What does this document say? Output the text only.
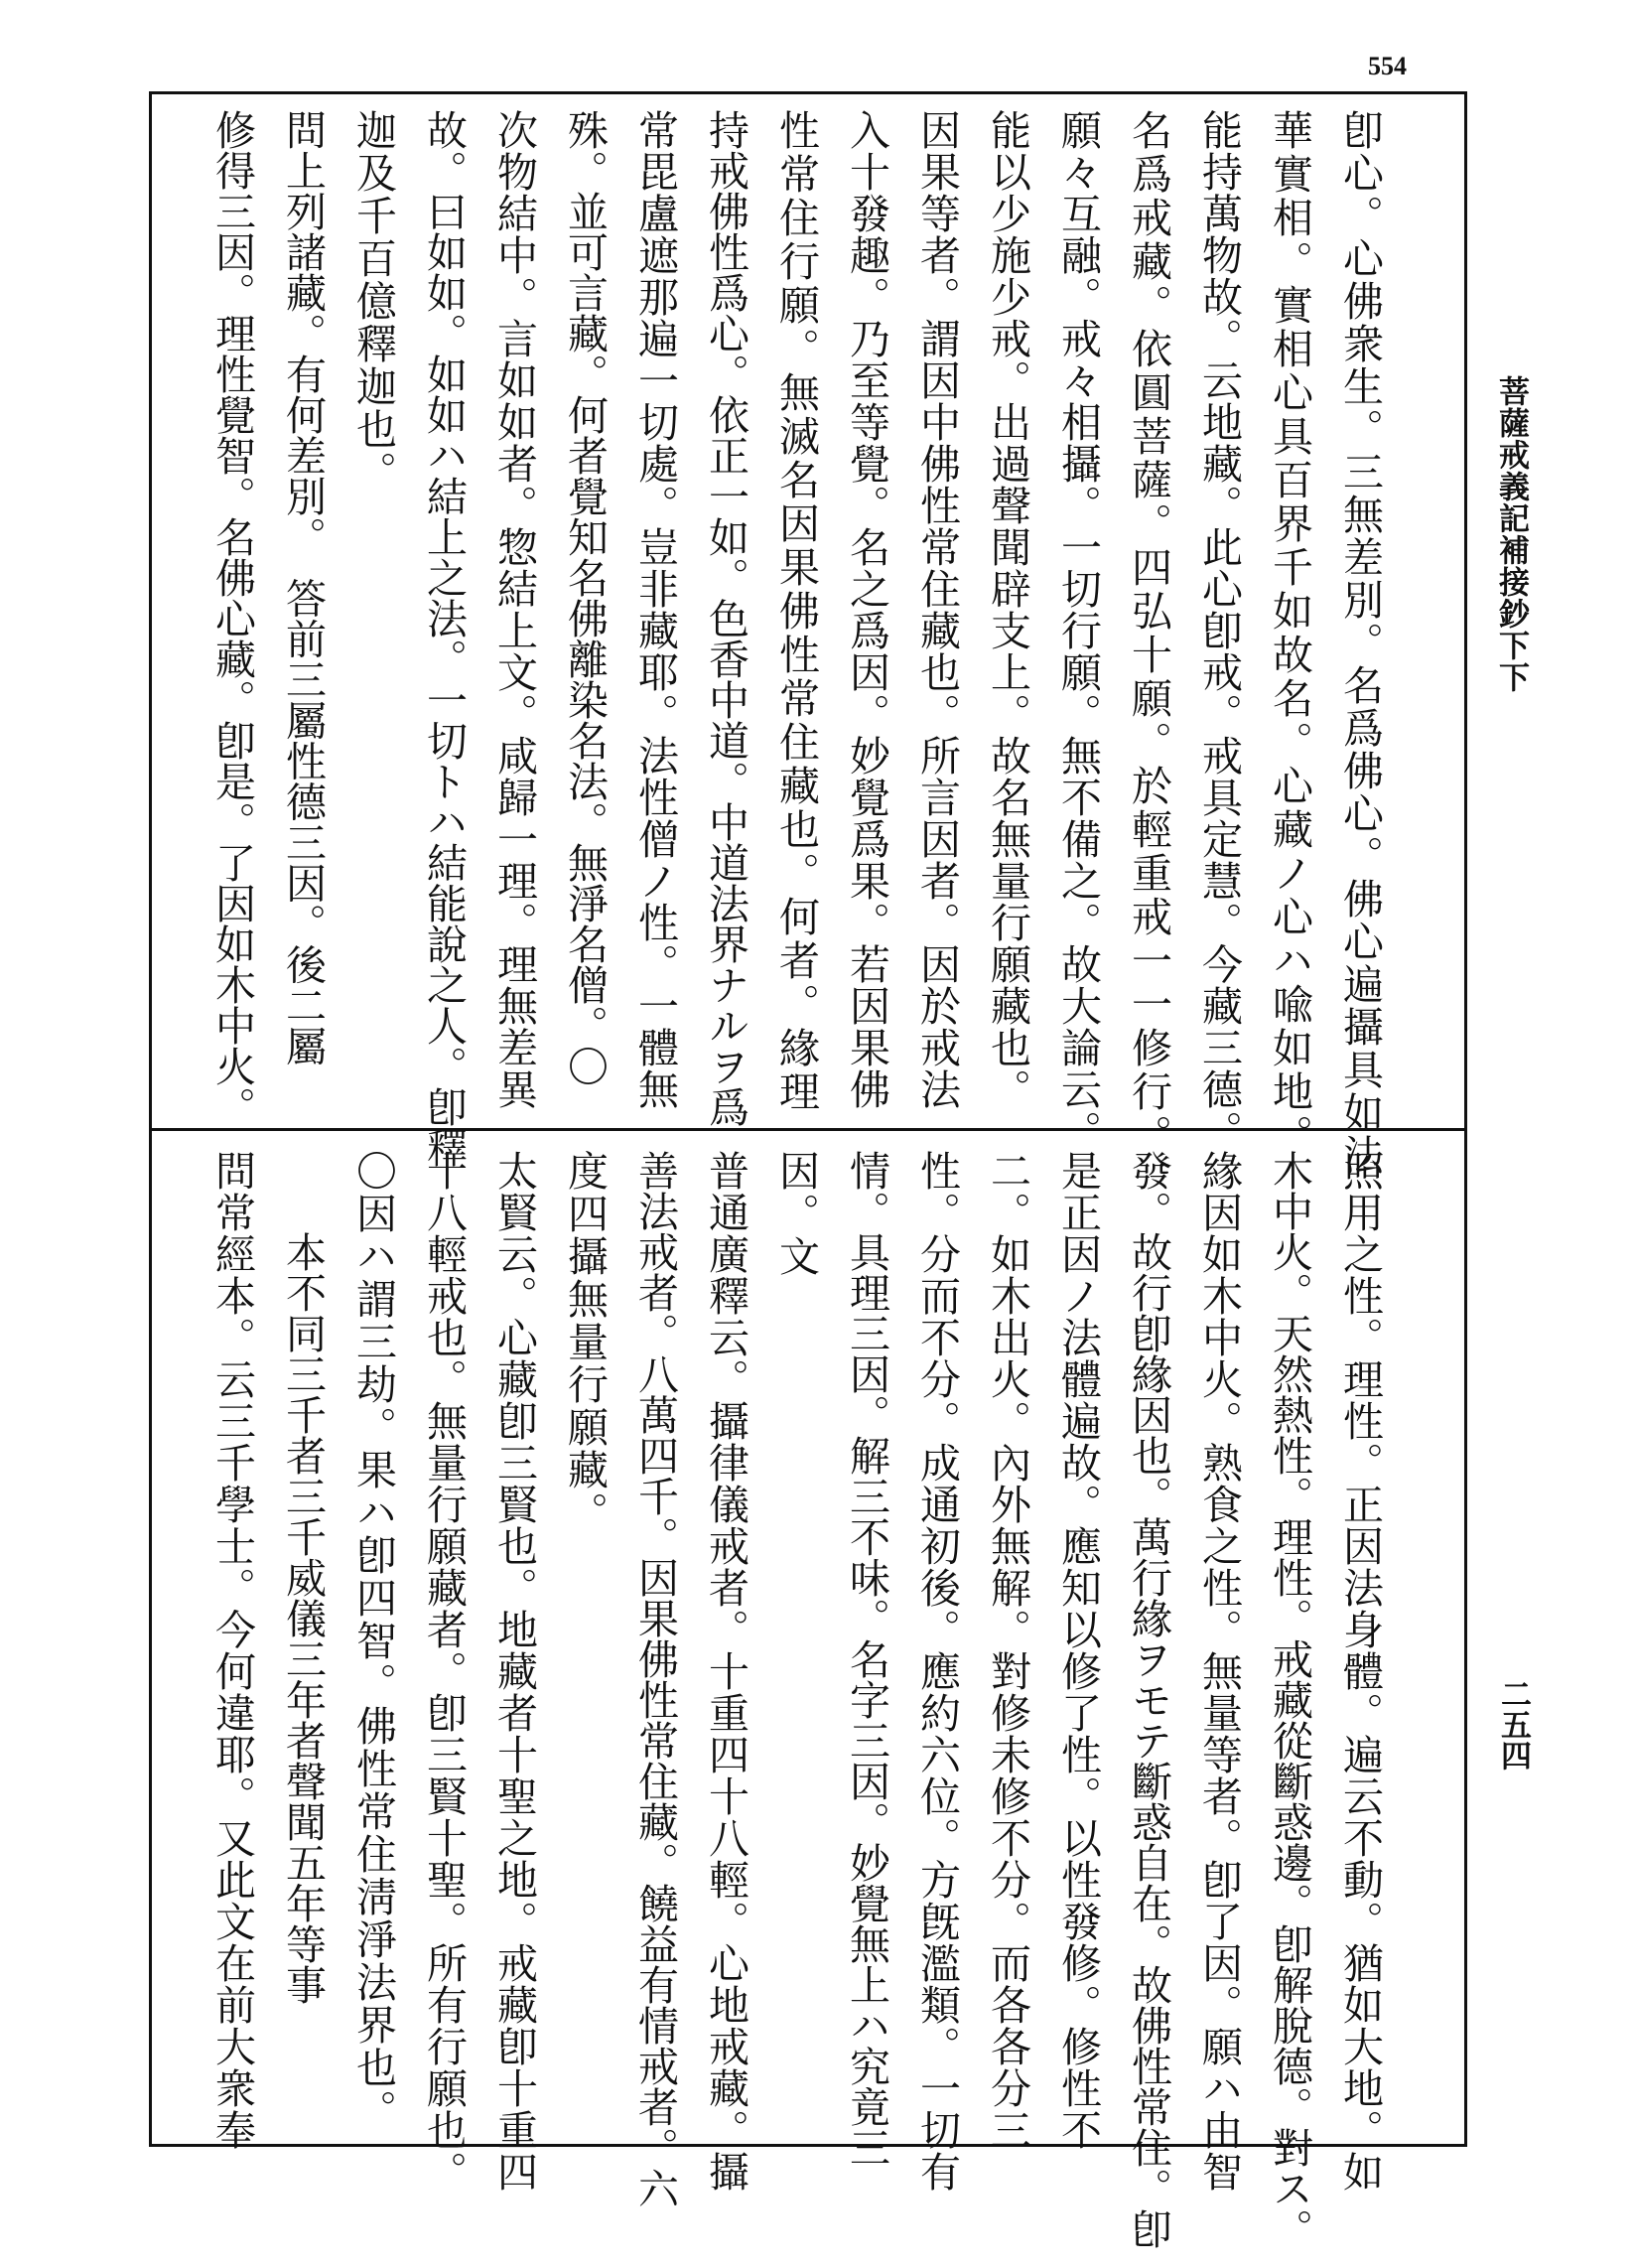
554
菩薩戒義記補接鈔下下
二五四
卽心。心佛衆生。三無差別。名爲佛心。佛心遍攝具如法
華實相。實相心具百界千如故名。心藏ノ心ハ喩如地。
能持萬物故。云地藏。此心卽戒。戒具定慧。今藏三德。
名爲戒藏。依圓菩薩。四弘十願。於輕重戒一一修行。
願々互融。戒々相攝。一切行願。無不備之。故大論云。
能以少施少戒。出過聲聞辟支上。故名無量行願藏也。
因果等者。謂因中佛性常住藏也。所言因者。因於戒法
入十發趣。乃至等覺。名之爲因。妙覺爲果。若因果佛
性常住行願。無滅名因果佛性常住藏也。何者。緣理
持戒佛性爲心。依正一如。色香中道。中道法界ナルヲ爲
常毘盧遮那遍一切處。豈非藏耶。法性僧ノ性。一體無
殊。並可言藏。何者覺知名佛離染名法。無淨名僧。〇
次物結中。言如如者。惣結上文。咸歸一理。理無差異
故。曰如如。如如ハ結上之法。一切トハ結能說之人。卽釋
迦及千百億釋迦也。
問上列諸藏。有何差別。　答前三屬性德三因。後二屬
修得三因。理性覺智。名佛心藏。卽是。了因如木中火。
照用之性。理性。正因法身體。遍云不動。猶如大地。如
木中火。天然熱性。理性。戒藏從斷惑邊。卽解脫德。對ス。
緣因如木中火。熟食之性。無量等者。卽了因。願ハ由智
發。故行卽緣因也。萬行緣ヲモテ斷惑自在。故佛性常住。卽
是正因ノ法體遍故。應知以修了性。以性發修。修性不
二。如木出火。內外無解。對修未修不分。而各各分三
性。分而不分。成通初後。應約六位。方旣濫類。一切有
情。具理三因。解三不味。名字三因。妙覺無上ハ究竟三
因。文
普通廣釋云。攝律儀戒者。十重四十八輕。心地戒藏。攝
善法戒者。八萬四千。因果佛性常住藏。饒益有情戒者。六
度四攝無量行願藏。
太賢云。心藏卽三賢也。地藏者十聖之地。戒藏卽十重四
十八輕戒也。無量行願藏者。卽三賢十聖。所有行願也。
〇因ハ謂三劫。果ハ卽四智。佛性常住淸淨法界也。
本不同三千者三千威儀三年者聲聞五年等事
問常經本。云三千學士。今何違耶。又此文在前大衆奉
